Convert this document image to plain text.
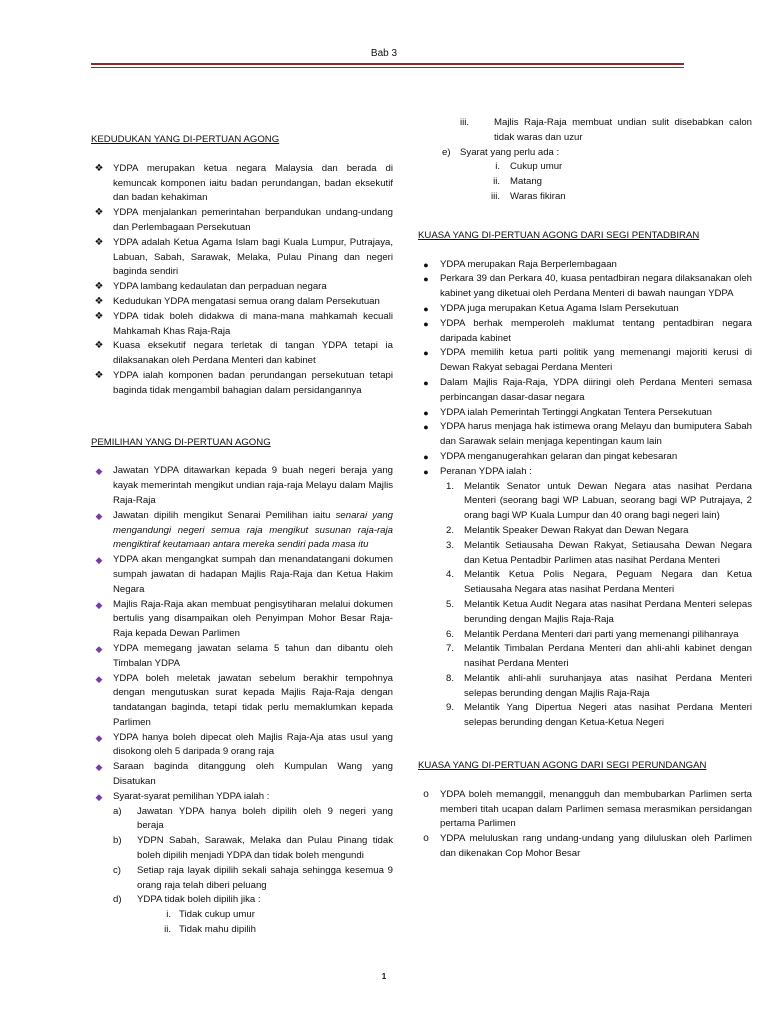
Bab 3

KEDUDUKAN YANG DI-PERTUAN AGONG

❖ YDPA merupakan ketua negara Malaysia dan berada di kemuncak komponen iaitu badan perundangan, badan eksekutif dan badan kehakiman
❖ YDPA menjalankan pemerintahan berpandukan undang-undang dan Perlembagaan Persekutuan
❖ YDPA adalah Ketua Agama Islam bagi Kuala Lumpur, Putrajaya, Labuan, Sabah, Sarawak, Melaka, Pulau Pinang dan negeri baginda sendiri
❖ YDPA lambang kedaulatan dan perpaduan negara
❖ Kedudukan YDPA mengatasi semua orang dalam Persekutuan
❖ YDPA tidak boleh didakwa di mana-mana mahkamah kecuali Mahkamah Khas Raja-Raja
❖ Kuasa eksekutif negara terletak di tangan YDPA tetapi ia dilaksanakan oleh Perdana Menteri dan kabinet
❖ YDPA ialah komponen badan perundangan persekutuan tetapi baginda tidak mengambil bahagian dalam persidangannya

PEMILIHAN YANG DI-PERTUAN AGONG

◆	Jawatan YDPA ditawarkan kepada 9 buah negeri beraja yang kayak memerintah mengikut undian raja-raja Melayu dalam Majlis Raja-Raja
◆	Jawatan dipilih mengikut Senarai Pemilihan iaitu senarai yang mengandungi negeri semua raja mengikut susunan raja-raja mengiktiraf keutamaan antara mereka sendiri pada masa itu
◆	YDPA akan mengangkat sumpah dan menandatangani dokumen sumpah jawatan di hadapan Majlis Raja-Raja dan Ketua Hakim Negara
◆	Majlis Raja-Raja akan membuat pengisytiharan melalui dokumen bertulis yang disampaikan oleh Penyimpan Mohor Besar Raja-Raja kepada Dewan Parlimen
◆	YDPA memegang jawatan selama 5 tahun dan dibantu oleh Timbalan YDPA
◆	YDPA boleh meletak jawatan sebelum berakhir tempohnya dengan mengutuskan surat kepada Majlis Raja-Raja dengan tandatangan baginda, tetapi tidak perlu memaklumkan kepada Parlimen
◆	YDPA hanya boleh dipecat oleh Majlis Raja-Aja atas usul yang disokong oleh 5 daripada 9 orang raja
◆	Saraan baginda ditanggung oleh Kumpulan Wang yang Disatukan
◆	Syarat-syarat pemilihan YDPA ialah :
a) Jawatan YDPA hanya boleh dipilih oleh 9 negeri yang beraja
b) YDPN Sabah, Sarawak, Melaka dan Pulau Pinang tidak boleh dipilih menjadi YDPA dan tidak boleh mengundi
c) Setiap raja layak dipilih sekali sahaja sehingga kesemua 9 orang raja telah diberi peluang
d) YDPA tidak boleh dipilih jika :
i. Tidak cukup umur
ii. Tidak mahu dipilih
iii.	Majlis Raja-Raja membuat undian sulit disebabkan calon tidak waras dan uzur
e) Syarat yang perlu ada :
i. Cukup umur
ii. Matang
iii. Waras fikiran

KUASA YANG DI-PERTUAN AGONG DARI SEGI PENTADBIRAN

●	YDPA merupakan Raja Berperlembagaan
●	Perkara 39 dan Perkara 40, kuasa pentadbiran negara dilaksanakan oleh kabinet yang diketuai oleh Perdana Menteri di bawah naungan YDPA
●	YDPA juga merupakan Ketua Agama Islam Persekutuan
●	YDPA berhak memperoleh maklumat tentang pentadbiran negara daripada kabinet
●	YDPA memilih ketua parti politik yang memenangi majoriti kerusi di Dewan Rakyat sebagai Perdana Menteri
●	Dalam Majlis Raja-Raja, YDPA diiringi oleh Perdana Menteri semasa perbincangan dasar-dasar negara
●	YDPA ialah Pemerintah Tertinggi Angkatan Tentera Persekutuan
●	YDPA harus menjaga hak istimewa orang Melayu dan bumiputera Sabah dan Sarawak selain menjaga kepentingan kaum lain
●	YDPA menganugerahkan gelaran dan pingat kebesaran
●	Peranan YDPA ialah :
1. Melantik Senator untuk Dewan Negara atas nasihat Perdana Menteri (seorang bagi WP Labuan, seorang bagi WP Putrajaya, 2 orang bagi WP Kuala Lumpur dan 40 orang bagi negeri lain)
2. Melantik Speaker Dewan Rakyat dan Dewan Negara
3. Melantik Setiausaha Dewan Rakyat, Setiausaha Dewan Negara dan Ketua Pentadbir Parlimen atas nasihat Perdana Menteri
4. Melantik Ketua Polis Negara, Peguam Negara dan Ketua Setiausaha Negara atas nasihat Perdana Menteri
5. Melantik Ketua Audit Negara atas nasihat Perdana Menteri selepas berunding dengan Majlis Raja-Raja
6. Melantik Perdana Menteri dari parti yang memenangi pilihanraya
7. Melantik Timbalan Perdana Menteri dan ahli-ahli kabinet dengan nasihat Perdana Menteri
8. Melantik ahli-ahli suruhanjaya atas nasihat Perdana Menteri selepas berunding dengan Majlis Raja-Raja
9. Melantik Yang Dipertua Negeri atas nasihat Perdana Menteri selepas berunding dengan Ketua-Ketua Negeri

KUASA YANG DI-PERTUAN AGONG DARI SEGI PERUNDANGAN

o	YDPA boleh memanggil, menangguh dan membubarkan Parlimen serta memberi titah ucapan dalam Parlimen semasa merasmikan persidangan pertama Parlimen
o	YDPA meluluskan rang undang-undang yang diluluskan oleh Parlimen dan dikenakan Cop Mohor Besar
1
